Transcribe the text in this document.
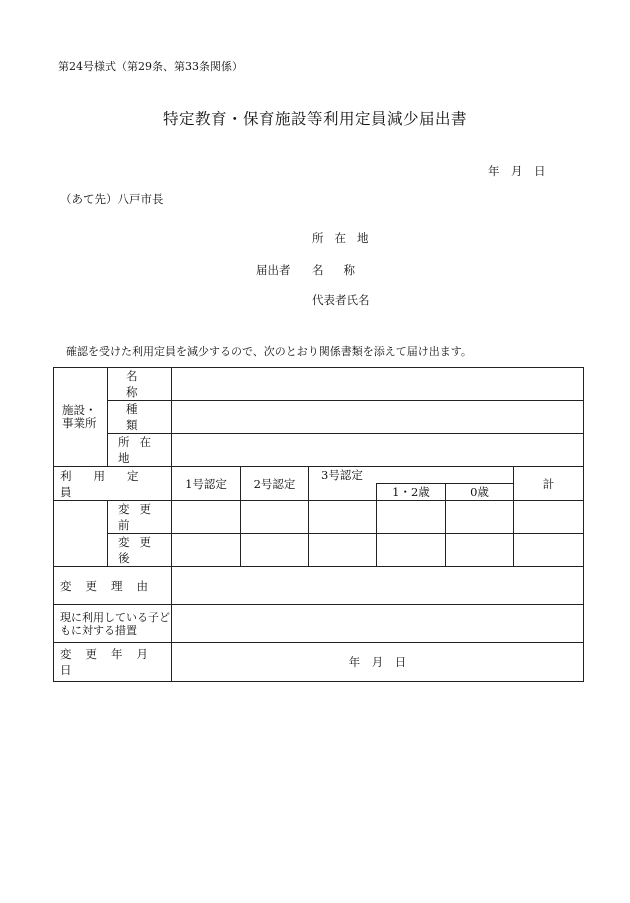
第24号様式（第29条、第33条関係）
特定教育・保育施設等利用定員減少届出書
年　月　日
（あて先）八戸市長
所在地
届出者 名称
代表者氏名
確認を受けた利用定員を減少するので、次のとおり関係書類を添えて届け出ます。
施設・事業所	名称						
	種類						
	所在地						
利用定員		1号認定	2号認定	3号認定			計
					1・2歳	0歳	
	変更前						
	変更後						
変更理由							
現に利用している子どもに対する措置							
変更年月日		年　月　日					
